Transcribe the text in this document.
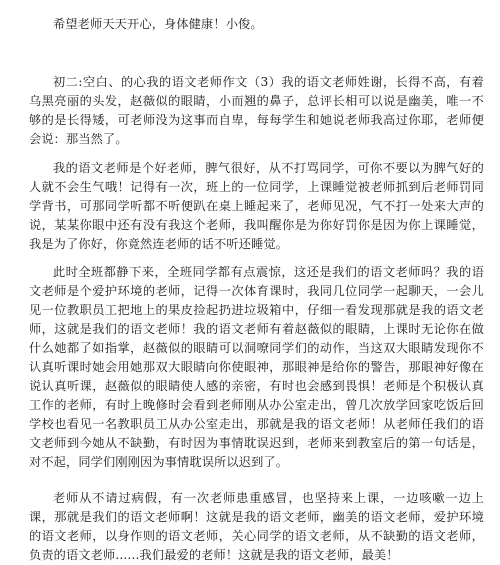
希望老师天天开心，身体健康！小俊。

初二:空白、的心我的语文老师作文（3）我的语文老师姓谢，长得不高，有着乌黑亮丽的头发，赵薇似的眼睛，小而翘的鼻子，总评长相可以说是幽美，唯一不够的是长得矮，可老师没为这事而自卑，每每学生和她说老师我高过你耶，老师便会说：那当然了。

我的语文老师是个好老师，脾气很好，从不打骂同学，可你不要以为脾气好的人就不会生气哦！记得有一次，班上的一位同学，上课睡觉被老师抓到后老师罚同学背书，可那同学听都不听便趴在桌上睡起来了，老师见况，气不打一处来大声的说，某某你眼中还有没有我这个老师，我叫醒你是为你好罚你是因为你上课睡觉，我是为了你好，你竟然连老师的话不听还睡觉。

此时全班都静下来，全班同学都有点震惊，这还是我们的语文老师吗？我的语文老师是个爱护环境的老师，记得一次体育课时，我同几位同学一起聊天，一会儿见一位教职员工把地上的果皮捡起扔进垃圾箱中，仔细一看发现那就是我的语文老师，这就是我们的语文老师！我的语文老师有着赵薇似的眼睛，上课时无论你在做什么她都了如指掌，赵薇似的眼睛可以洞嘹同学们的动作，当这双大眼睛发现你不认真听课时她会用她那双大眼睛向你使眼神，那眼神是给你的警告，那眼神好像在说认真听课，赵薇似的眼睛使人感的亲密，有时也会感到畏惧！老师是个积极认真工作的老师，有时上晚修时会看到老师刚从办公室走出，曾几次放学回家吃饭后回学校也看见一名教职员工从办公室走出，那就是我的语文老师！从老师任我们的语文老师到今她从不缺勤，有时因为事情耽误迟到，老师来到教室后的第一句话是，对不起，同学们刚刚因为事情耽误所以迟到了。

老师从不请过病假，有一次老师患重感冒，也坚持来上课，一边咳嗽一边上课，那就是我们的语文老师啊！这就是我的语文老师，幽美的语文老师，爱护环境的语文老师，以身作则的语文老师，关心同学的语文老师，从不缺勤的语文老师，负责的语文老师......我们最爱的老师！这就是我的语文老师，最美！
